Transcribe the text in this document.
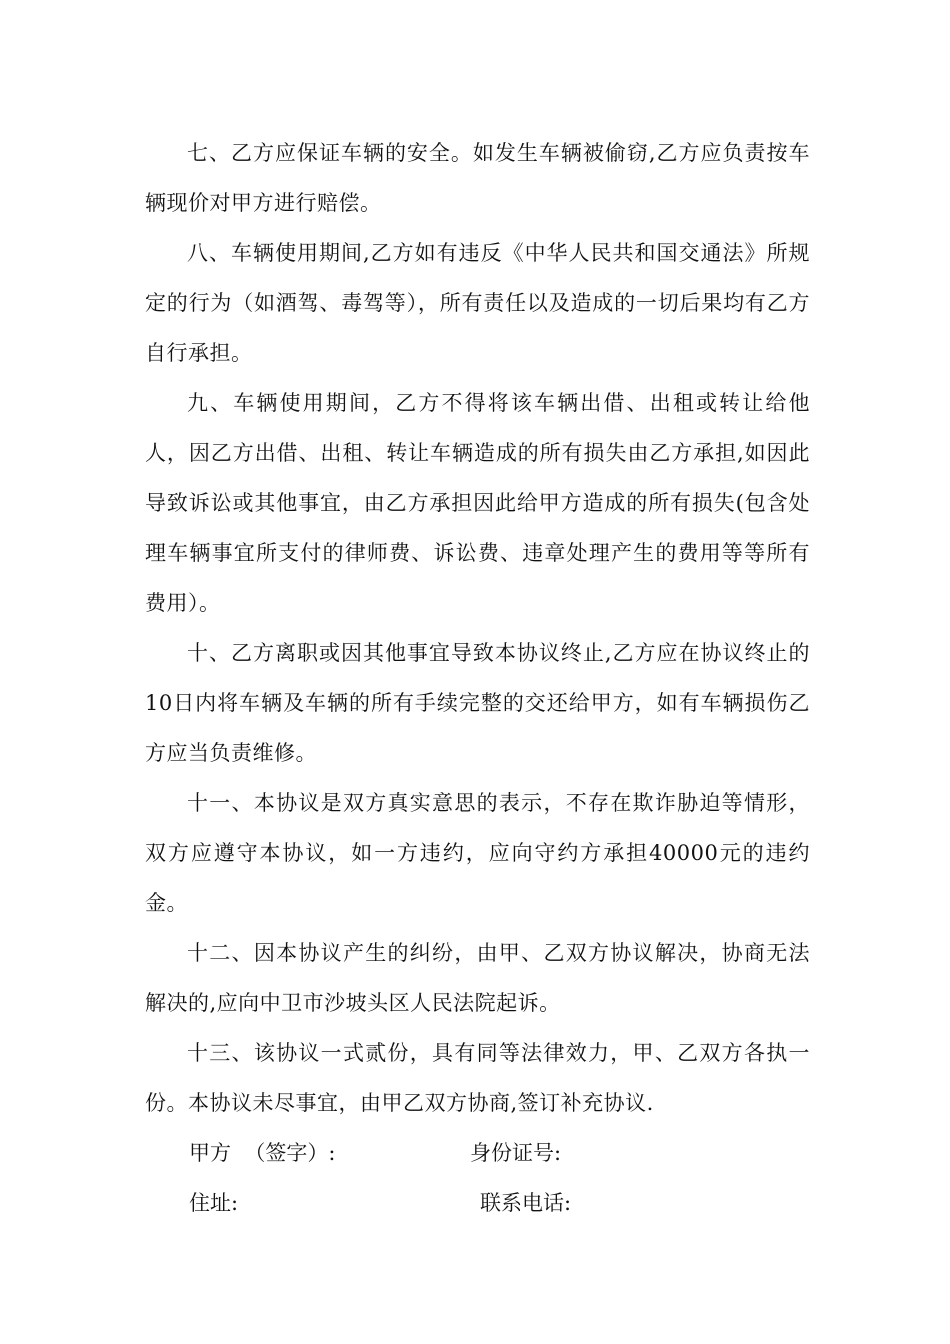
七、乙方应保证车辆的安全。如发生车辆被偷窃,乙方应负责按车辆现价对甲方进行赔偿。

八、车辆使用期间,乙方如有违反《中华人民共和国交通法》所规定的行为（如酒驾、毒驾等），所有责任以及造成的一切后果均有乙方自行承担。

九、车辆使用期间，乙方不得将该车辆出借、出租或转让给他人，因乙方出借、出租、转让车辆造成的所有损失由乙方承担,如因此导致诉讼或其他事宜，由乙方承担因此给甲方造成的所有损失(包含处理车辆事宜所支付的律师费、诉讼费、违章处理产生的费用等等所有费用）。

十、乙方离职或因其他事宜导致本协议终止,乙方应在协议终止的10日内将车辆及车辆的所有手续完整的交还给甲方，如有车辆损伤乙方应当负责维修。

十一、本协议是双方真实意思的表示，不存在欺诈胁迫等情形，双方应遵守本协议，如一方违约，应向守约方承担40000元的违约金。

十二、因本协议产生的纠纷，由甲、乙双方协议解决，协商无法解决的,应向中卫市沙坡头区人民法院起诉。

十三、该协议一式贰份，具有同等法律效力，甲、乙双方各执一份。本协议未尽事宜，由甲乙双方协商,签订补充协议.

甲方  （签字）:	身份证号:
住址:	联系电话:
